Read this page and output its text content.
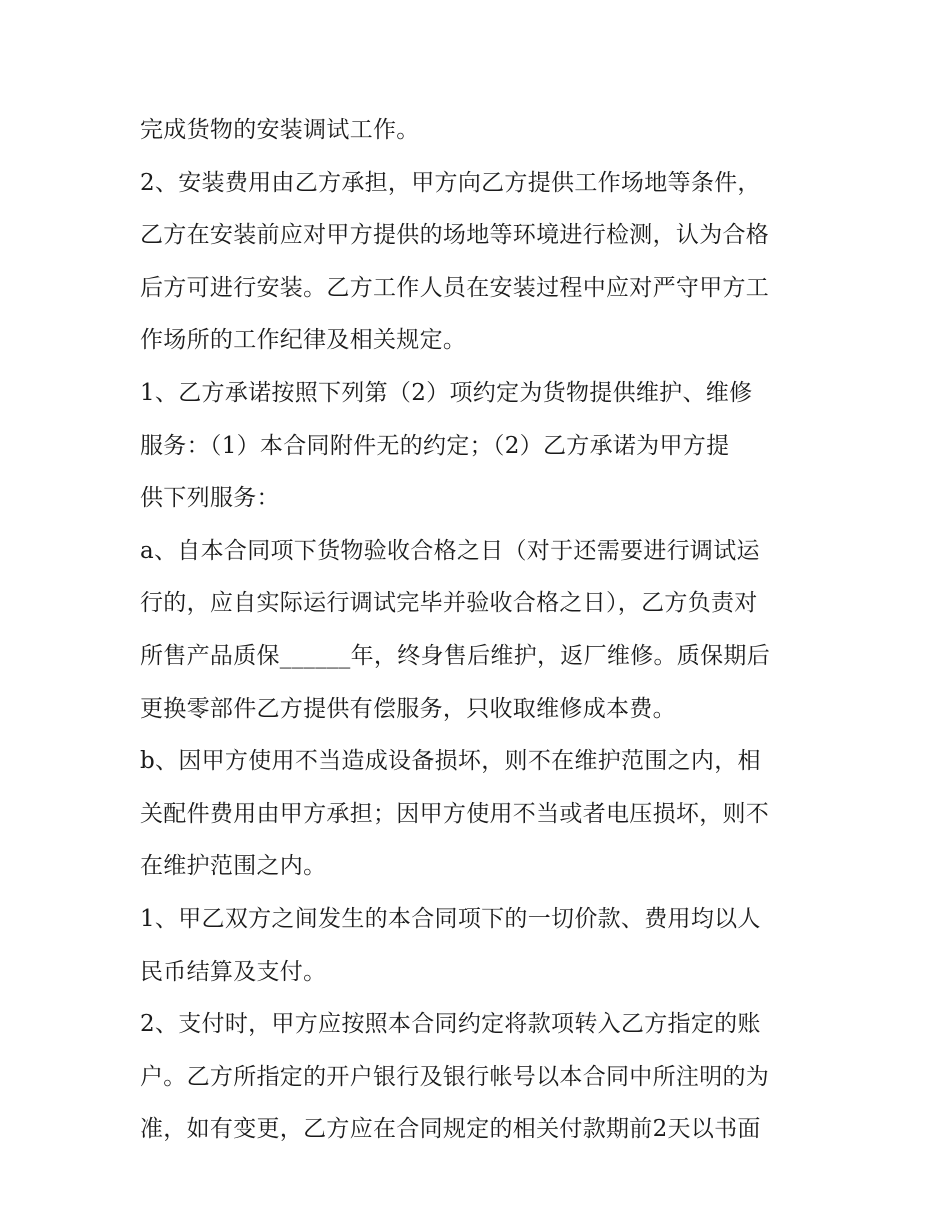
完成货物的安装调试工作。
2、安装费用由乙方承担，甲方向乙方提供工作场地等条件，
乙方在安装前应对甲方提供的场地等环境进行检测，认为合格
后方可进行安装。乙方工作人员在安装过程中应对严守甲方工
作场所的工作纪律及相关规定。
1、乙方承诺按照下列第（2）项约定为货物提供维护、维修
服务：（1）本合同附件无的约定；（2）乙方承诺为甲方提
供下列服务：
a、自本合同项下货物验收合格之日（对于还需要进行调试运
行的，应自实际运行调试完毕并验收合格之日），乙方负责对
所售产品质保______年，终身售后维护，返厂维修。质保期后
更换零部件乙方提供有偿服务，只收取维修成本费。
b、因甲方使用不当造成设备损坏，则不在维护范围之内，相
关配件费用由甲方承担；因甲方使用不当或者电压损坏，则不
在维护范围之内。
1、甲乙双方之间发生的本合同项下的一切价款、费用均以人
民币结算及支付。
2、支付时，甲方应按照本合同约定将款项转入乙方指定的账
户。乙方所指定的开户银行及银行帐号以本合同中所注明的为
准，如有变更，乙方应在合同规定的相关付款期前2天以书面
